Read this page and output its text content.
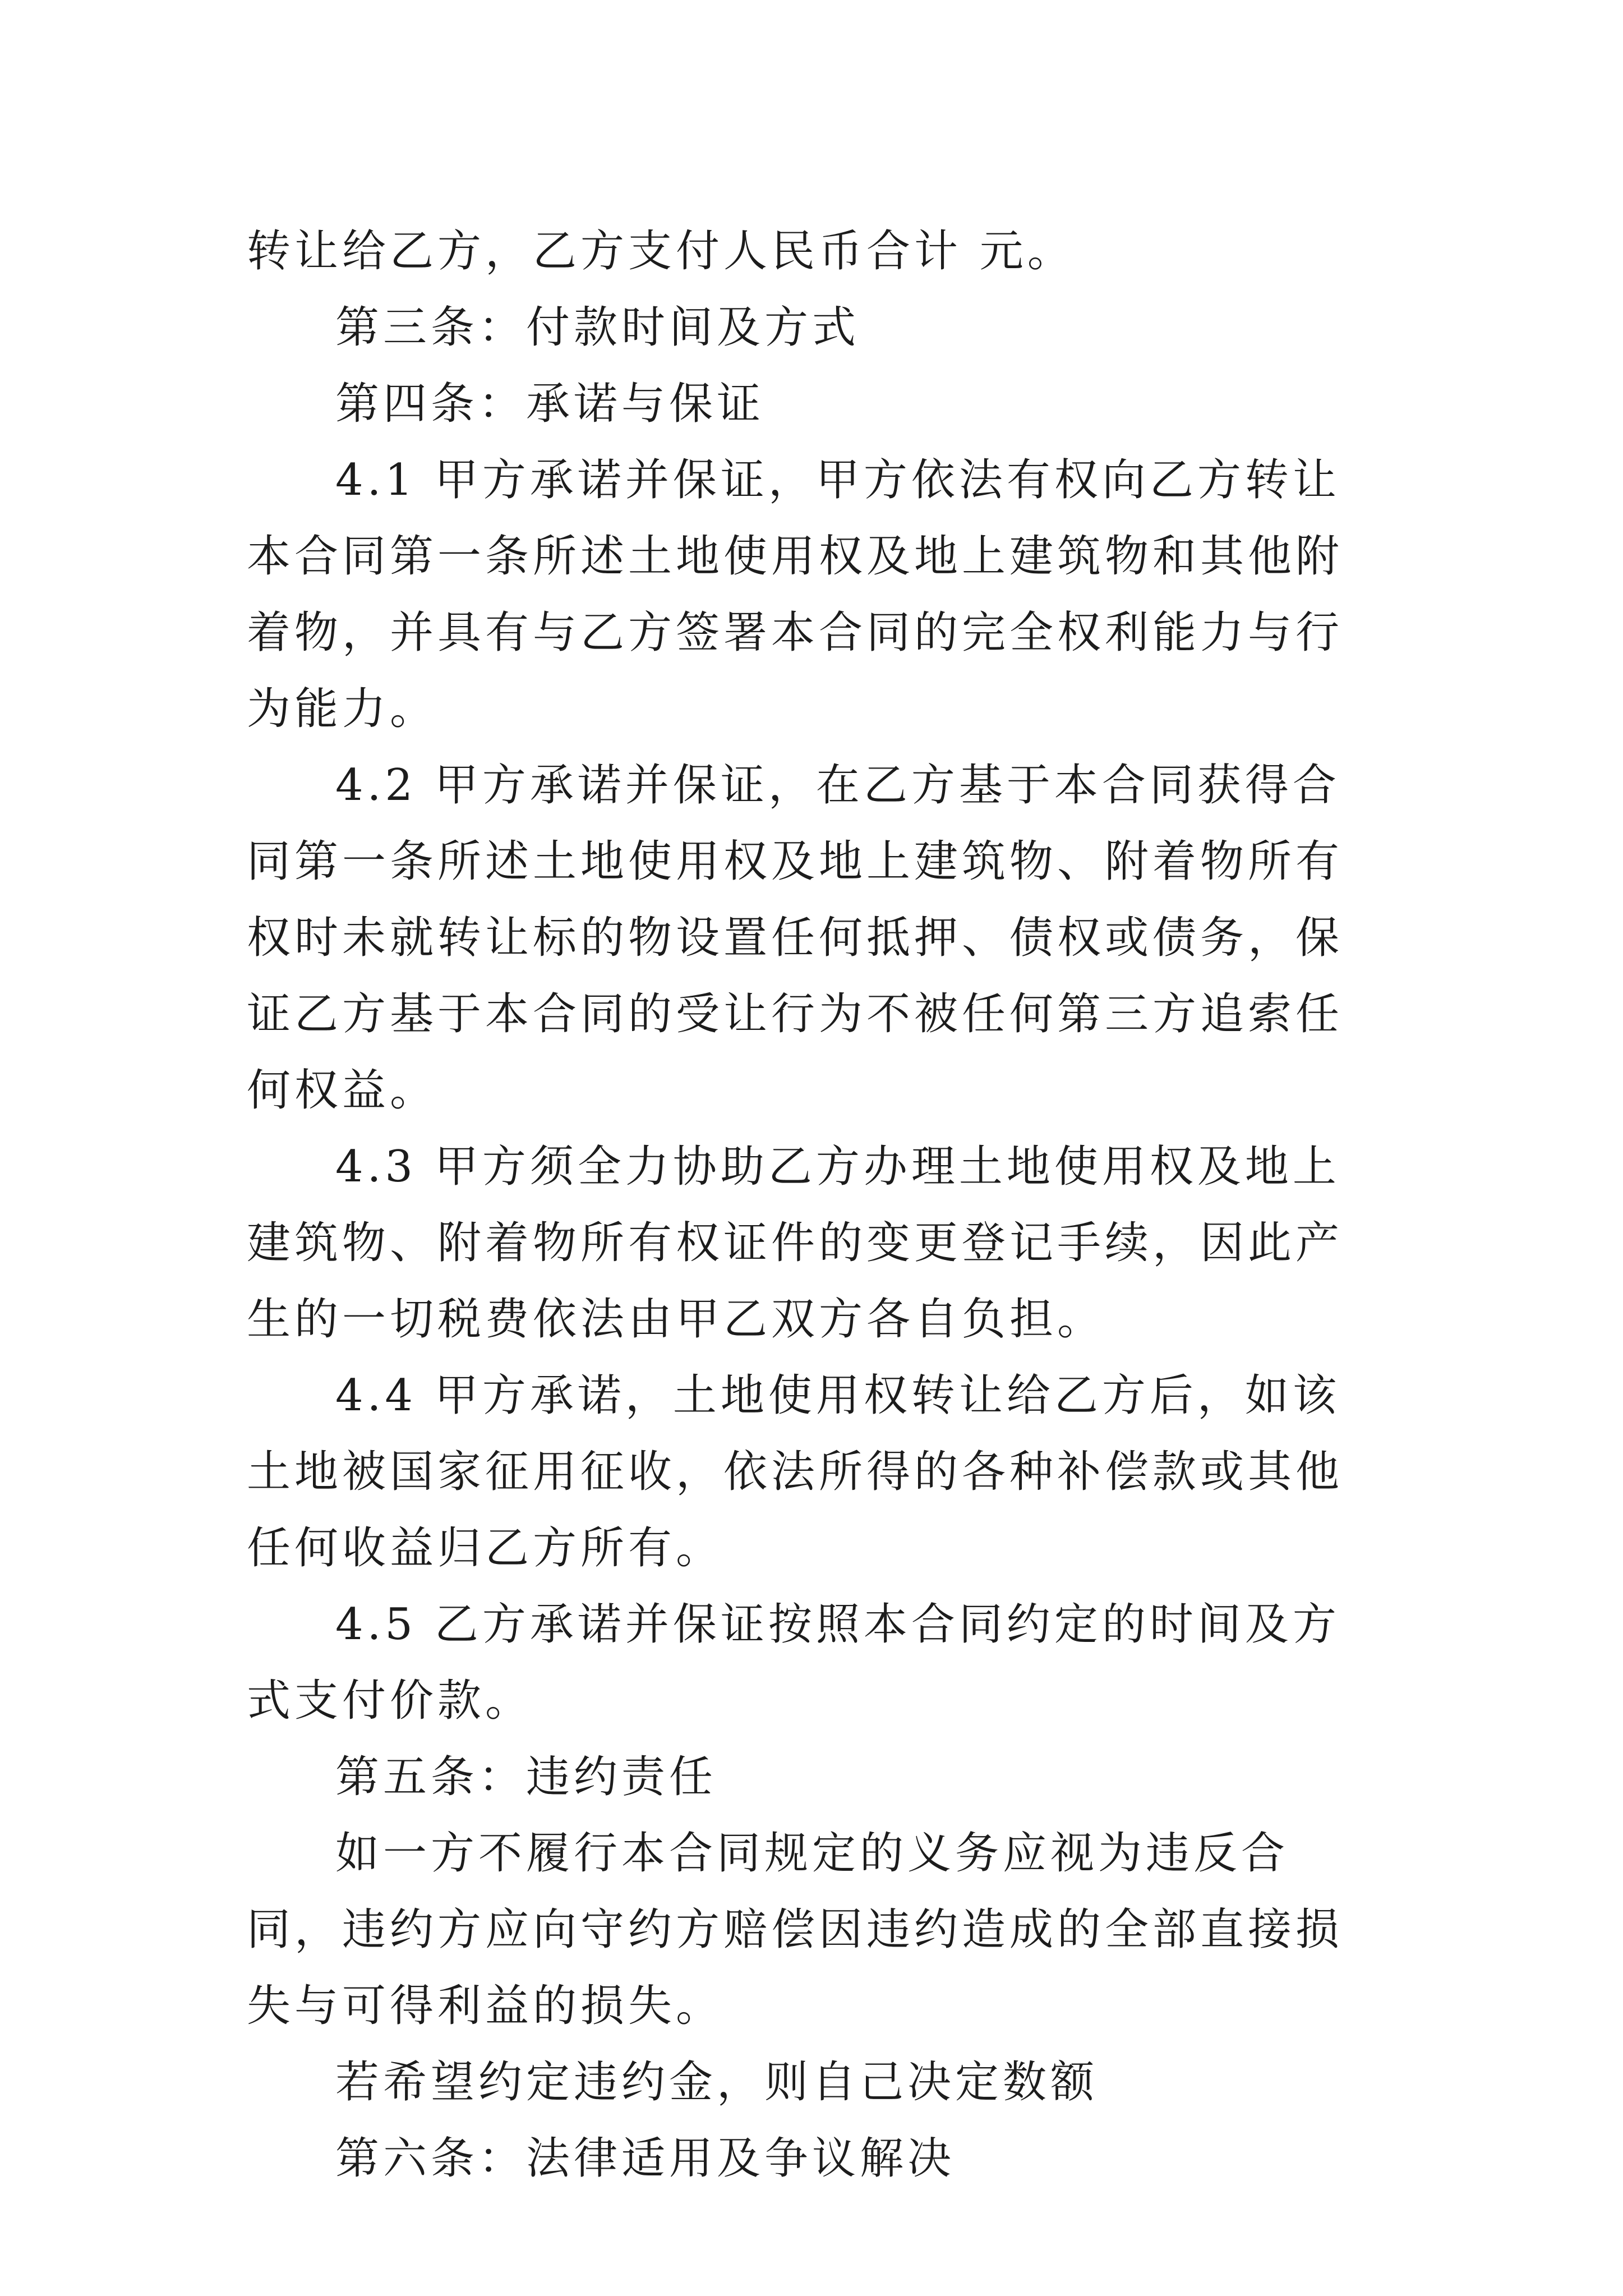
转让给乙方，乙方支付人民币合计 元。

第三条：付款时间及方式

第四条：承诺与保证

4.1 甲方承诺并保证，甲方依法有权向乙方转让本合同第一条所述土地使用权及地上建筑物和其他附着物，并具有与乙方签署本合同的完全权利能力与行为能力。

4.2 甲方承诺并保证，在乙方基于本合同获得合同第一条所述土地使用权及地上建筑物、附着物所有权时未就转让标的物设置任何抵押、债权或债务，保证乙方基于本合同的受让行为不被任何第三方追索任何权益。

4.3 甲方须全力协助乙方办理土地使用权及地上建筑物、附着物所有权证件的变更登记手续，因此产生的一切税费依法由甲乙双方各自负担。

4.4 甲方承诺，土地使用权转让给乙方后，如该土地被国家征用征收，依法所得的各种补偿款或其他任何收益归乙方所有。

4.5 乙方承诺并保证按照本合同约定的时间及方式支付价款。

第五条：违约责任

如一方不履行本合同规定的义务应视为违反合同，违约方应向守约方赔偿因违约造成的全部直接损失与可得利益的损失。

若希望约定违约金，则自己决定数额

第六条：法律适用及争议解决
